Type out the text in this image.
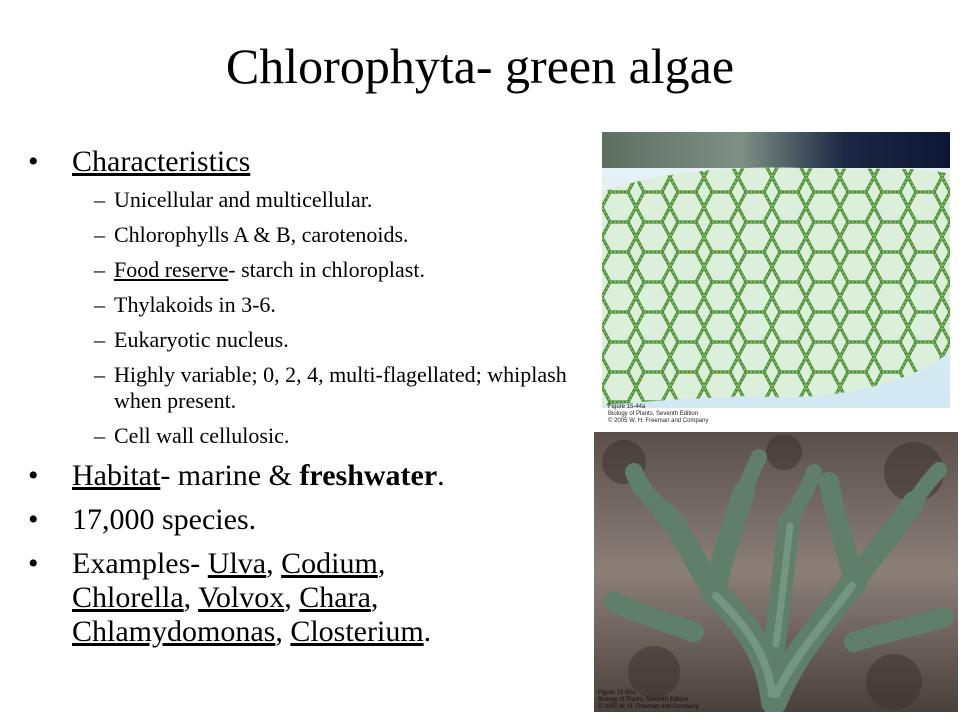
Chlorophyta- green algae
• Characteristics
– Unicellular and multicellular.
– Chlorophylls A & B, carotenoids.
– Food reserve- starch in chloroplast.
– Thylakoids in 3-6.
– Eukaryotic nucleus.
– Highly variable; 0, 2, 4, multi-flagellated; whiplash when present.
– Cell wall cellulosic.
• Habitat- marine & freshwater.
• 17,000 species.
• Examples- Ulva, Codium,
Chlorella, Volvox, Chara,
Chlamydomonas, Closterium.
Figure 15-44a
Biology of Plants, Seventh Edition
© 2005 W. H. Freeman and Company
Figure 15-50a
Biology of Plants, Seventh Edition
© 2005 W. H. Freeman and Company
